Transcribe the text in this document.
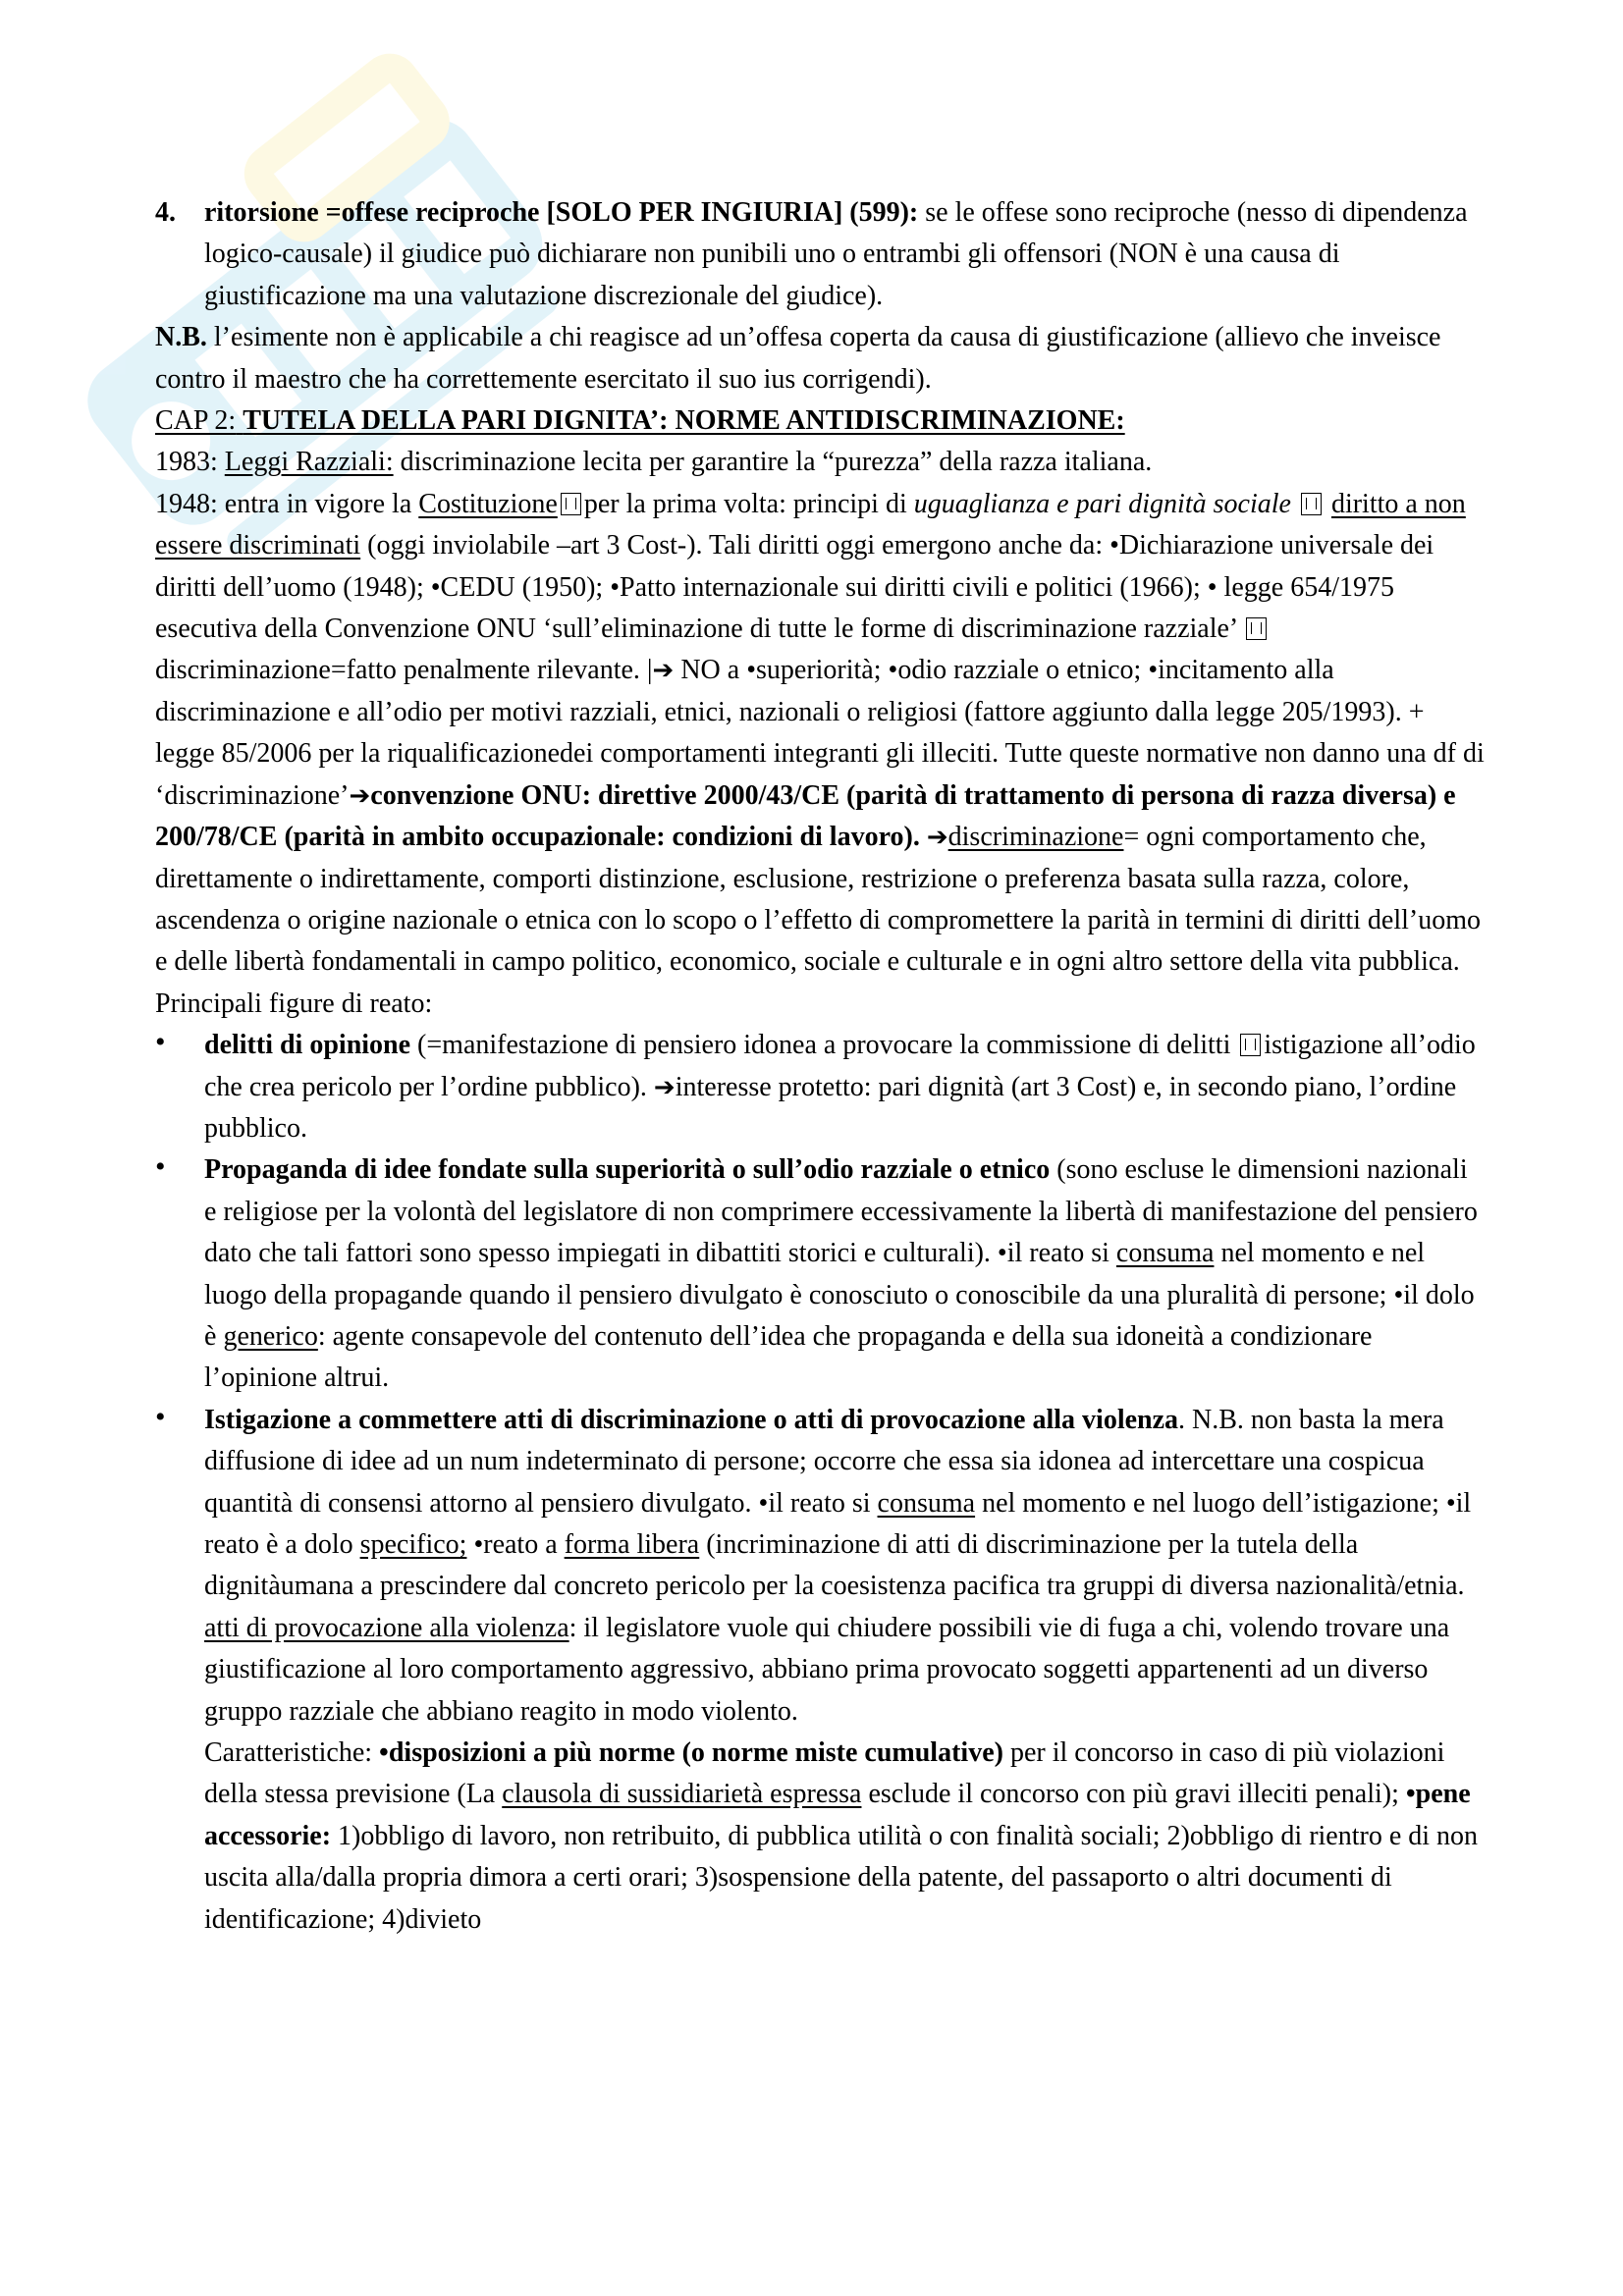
4. ritorsione =offese reciproche [SOLO PER INGIURIA] (599): se le offese sono reciproche (nesso di dipendenza logico-causale) il giudice può dichiarare non punibili uno o entrambi gli offensori (NON è una causa di giustificazione ma una valutazione discrezionale del giudice).

N.B. l’esimente non è applicabile a chi reagisce ad un’offesa coperta da causa di giustificazione (allievo che inveisce contro il maestro che ha correttemente esercitato il suo ius corrigendi).

CAP 2: TUTELA DELLA PARI DIGNITA’: NORME ANTIDISCRIMINAZIONE:

1983: Leggi Razziali: discriminazione lecita per garantire la “purezza” della razza italiana.

1948: entra in vigore la Costituzione per la prima volta: principi di uguaglianza e pari dignità sociale diritto a non essere discriminati (oggi inviolabile –art 3 Cost-). Tali diritti oggi emergono anche da: •Dichiarazione universale dei diritti dell’uomo (1948); •CEDU (1950); •Patto internazionale sui diritti civili e politici (1966); • legge 654/1975 esecutiva della Convenzione ONU ‘sull’eliminazione di tutte le forme di discriminazione razziale’ discriminazione=fatto penalmente rilevante. |➔ NO a •superiorità; •odio razziale o etnico; •incitamento alla discriminazione e all’odio per motivi razziali, etnici, nazionali o religiosi (fattore aggiunto dalla legge 205/1993). + legge 85/2006 per la riqualificazionedei comportamenti integranti gli illeciti. Tutte queste normative non danno una df di ‘discriminazione’➔convenzione ONU: direttive 2000/43/CE (parità di trattamento di persona di razza diversa) e 200/78/CE (parità in ambito occupazionale: condizioni di lavoro). ➔discriminazione= ogni comportamento che, direttamente o indirettamente, comporti distinzione, esclusione, restrizione o preferenza basata sulla razza, colore, ascendenza o origine nazionale o etnica con lo scopo o l’effetto di compromettere la parità in termini di diritti dell’uomo e delle libertà fondamentali in campo politico, economico, sociale e culturale e in ogni altro settore della vita pubblica.

Principali figure di reato:

• delitti di opinione (=manifestazione di pensiero idonea a provocare la commissione di delitti istigazione all’odio che crea pericolo per l’ordine pubblico). ➔interesse protetto: pari dignità (art 3 Cost) e, in secondo piano, l’ordine pubblico.
• Propaganda di idee fondate sulla superiorità o sull’odio razziale o etnico (sono escluse le dimensioni nazionali e religiose per la volontà del legislatore di non comprimere eccessivamente la libertà di manifestazione del pensiero dato che tali fattori sono spesso impiegati in dibattiti storici e culturali). •il reato si consuma nel momento e nel luogo della propagande quando il pensiero divulgato è conosciuto o conoscibile da una pluralità di persone; •il dolo è generico: agente consapevole del contenuto dell’idea che propaganda e della sua idoneità a condizionare l’opinione altrui.
• Istigazione a commettere atti di discriminazione o atti di provocazione alla violenza. N.B. non basta la mera diffusione di idee ad un num indeterminato di persone; occorre che essa sia idonea ad intercettare una cospicua quantità di consensi attorno al pensiero divulgato. •il reato si consuma nel momento e nel luogo dell’istigazione; •il reato è a dolo specifico; •reato a forma libera (incriminazione di atti di discriminazione per la tutela della dignitàumana a prescindere dal concreto pericolo per la coesistenza pacifica tra gruppi di diversa nazionalità/etnia.
atti di provocazione alla violenza: il legislatore vuole qui chiudere possibili vie di fuga a chi, volendo trovare una giustificazione al loro comportamento aggressivo, abbiano prima provocato soggetti appartenenti ad un diverso gruppo razziale che abbiano reagito in modo violento.
Caratteristiche: •disposizioni a più norme (o norme miste cumulative) per il concorso in caso di più violazioni della stessa previsione (La clausola di sussidiarietà espressa esclude il concorso con più gravi illeciti penali); •pene accessorie: 1)obbligo di lavoro, non retribuito, di pubblica utilità o con finalità sociali; 2)obbligo di rientro e di non uscita alla/dalla propria dimora a certi orari; 3)sospensione della patente, del passaporto o altri documenti di identificazione; 4)divieto
